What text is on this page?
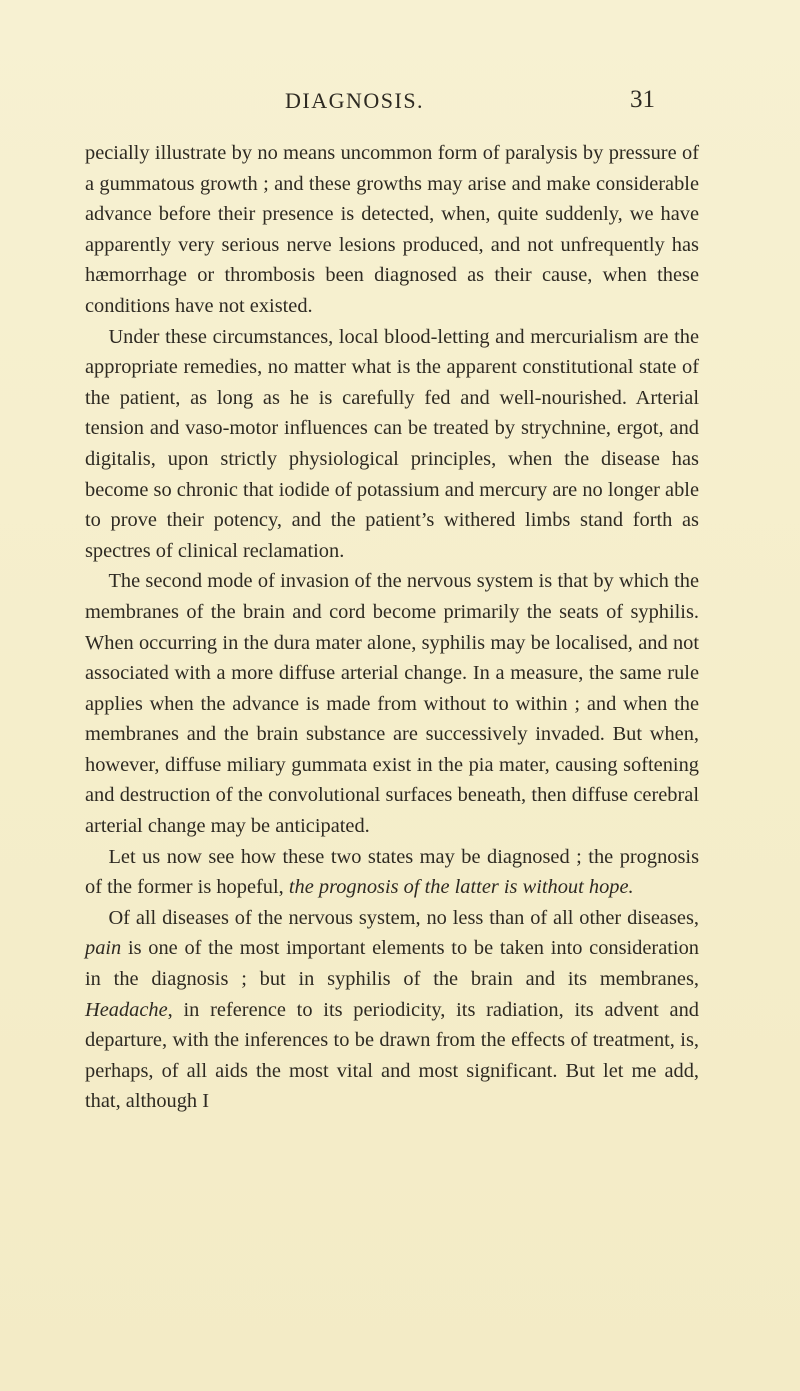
DIAGNOSIS.	31

pecially illustrate by no means uncommon form of paralysis by pressure of a gummatous growth ; and these growths may arise and make considerable advance before their presence is detected, when, quite suddenly, we have apparently very serious nerve lesions produced, and not unfrequently has hæmorrhage or thrombosis been diagnosed as their cause, when these conditions have not existed.

Under these circumstances, local blood-letting and mercurialism are the appropriate remedies, no matter what is the apparent constitutional state of the patient, as long as he is carefully fed and well-nourished. Arterial tension and vaso-motor influences can be treated by strychnine, ergot, and digitalis, upon strictly physiological principles, when the disease has become so chronic that iodide of potassium and mercury are no longer able to prove their potency, and the patient’s withered limbs stand forth as spectres of clinical reclamation.

The second mode of invasion of the nervous system is that by which the membranes of the brain and cord become primarily the seats of syphilis. When occurring in the dura mater alone, syphilis may be localised, and not associated with a more diffuse arterial change. In a measure, the same rule applies when the advance is made from without to within ; and when the membranes and the brain substance are successively invaded. But when, however, diffuse miliary gummata exist in the pia mater, causing softening and destruction of the convolutional surfaces beneath, then diffuse cerebral arterial change may be anticipated.

Let us now see how these two states may be diagnosed ; the prognosis of the former is hopeful, the prognosis of the latter is without hope.

Of all diseases of the nervous system, no less than of all other diseases, pain is one of the most important elements to be taken into consideration in the diagnosis ; but in syphilis of the brain and its membranes, Headache, in reference to its periodicity, its radiation, its advent and departure, with the inferences to be drawn from the effects of treatment, is, perhaps, of all aids the most vital and most significant. But let me add, that, although I
